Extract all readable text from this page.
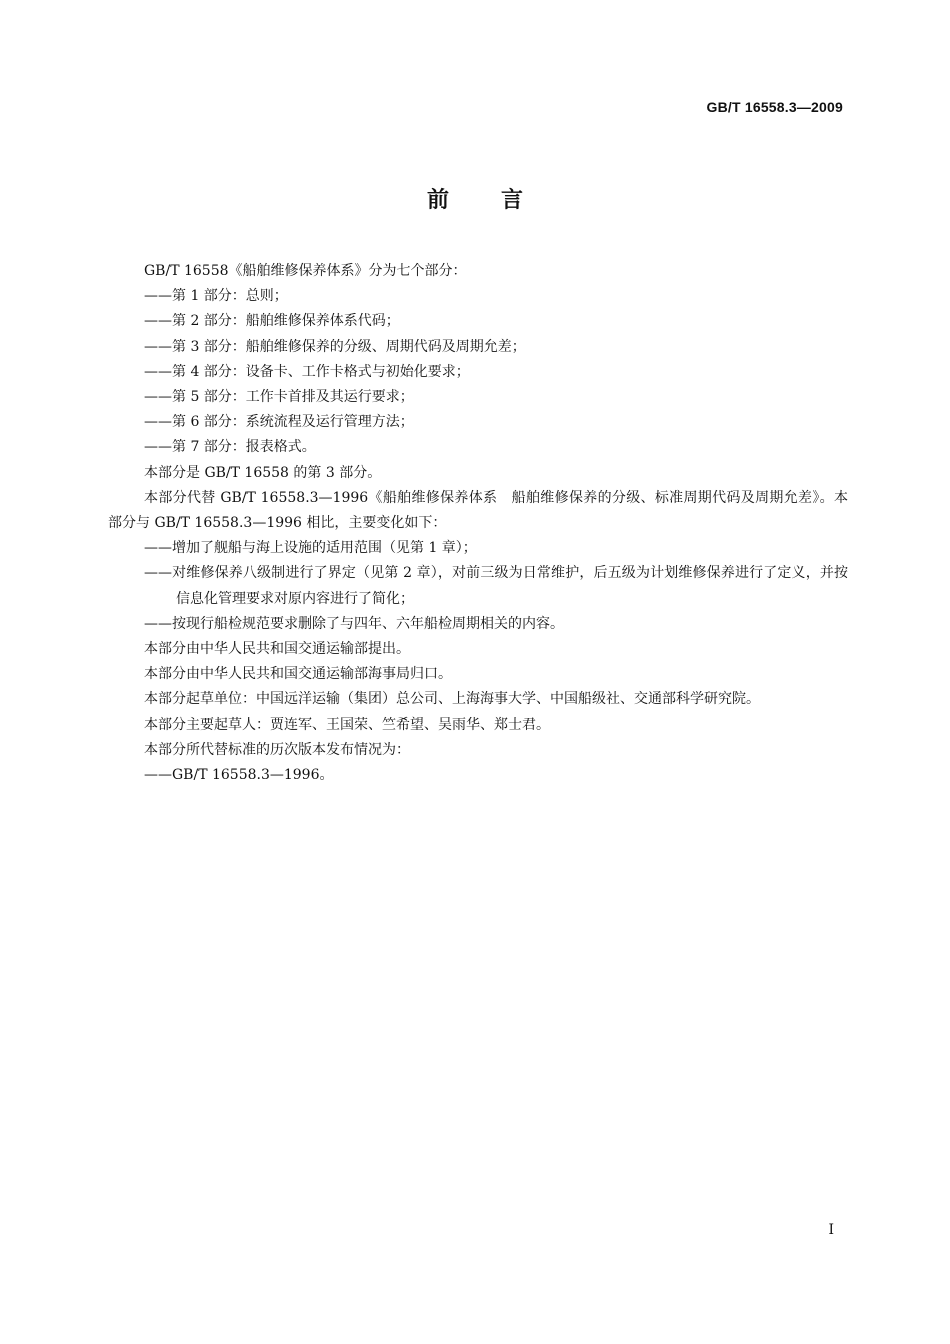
GB/T 16558.3—2009
前言

GB/T 16558《船舶维修保养体系》分为七个部分：

——第 1 部分：总则；

——第 2 部分：船舶维修保养体系代码；

——第 3 部分：船舶维修保养的分级、周期代码及周期允差；

——第 4 部分：设备卡、工作卡格式与初始化要求；

——第 5 部分：工作卡首排及其运行要求；

——第 6 部分：系统流程及运行管理方法；

——第 7 部分：报表格式。

本部分是 GB/T 16558 的第 3 部分。

本部分代替 GB/T 16558.3—1996《船舶维修保养体系　船舶维修保养的分级、标准周期代码及周期允差》。本部分与 GB/T 16558.3—1996 相比，主要变化如下：

——增加了舰船与海上设施的适用范围（见第 1 章）；

——对维修保养八级制进行了界定（见第 2 章），对前三级为日常维护，后五级为计划维修保养进行了定义，并按信息化管理要求对原内容进行了简化；

——按现行船检规范要求删除了与四年、六年船检周期相关的内容。

本部分由中华人民共和国交通运输部提出。

本部分由中华人民共和国交通运输部海事局归口。

本部分起草单位：中国远洋运输（集团）总公司、上海海事大学、中国船级社、交通部科学研究院。

本部分主要起草人：贾连军、王国荣、竺希望、吴雨华、郑士君。

本部分所代替标准的历次版本发布情况为：

——GB/T 16558.3—1996。

I
